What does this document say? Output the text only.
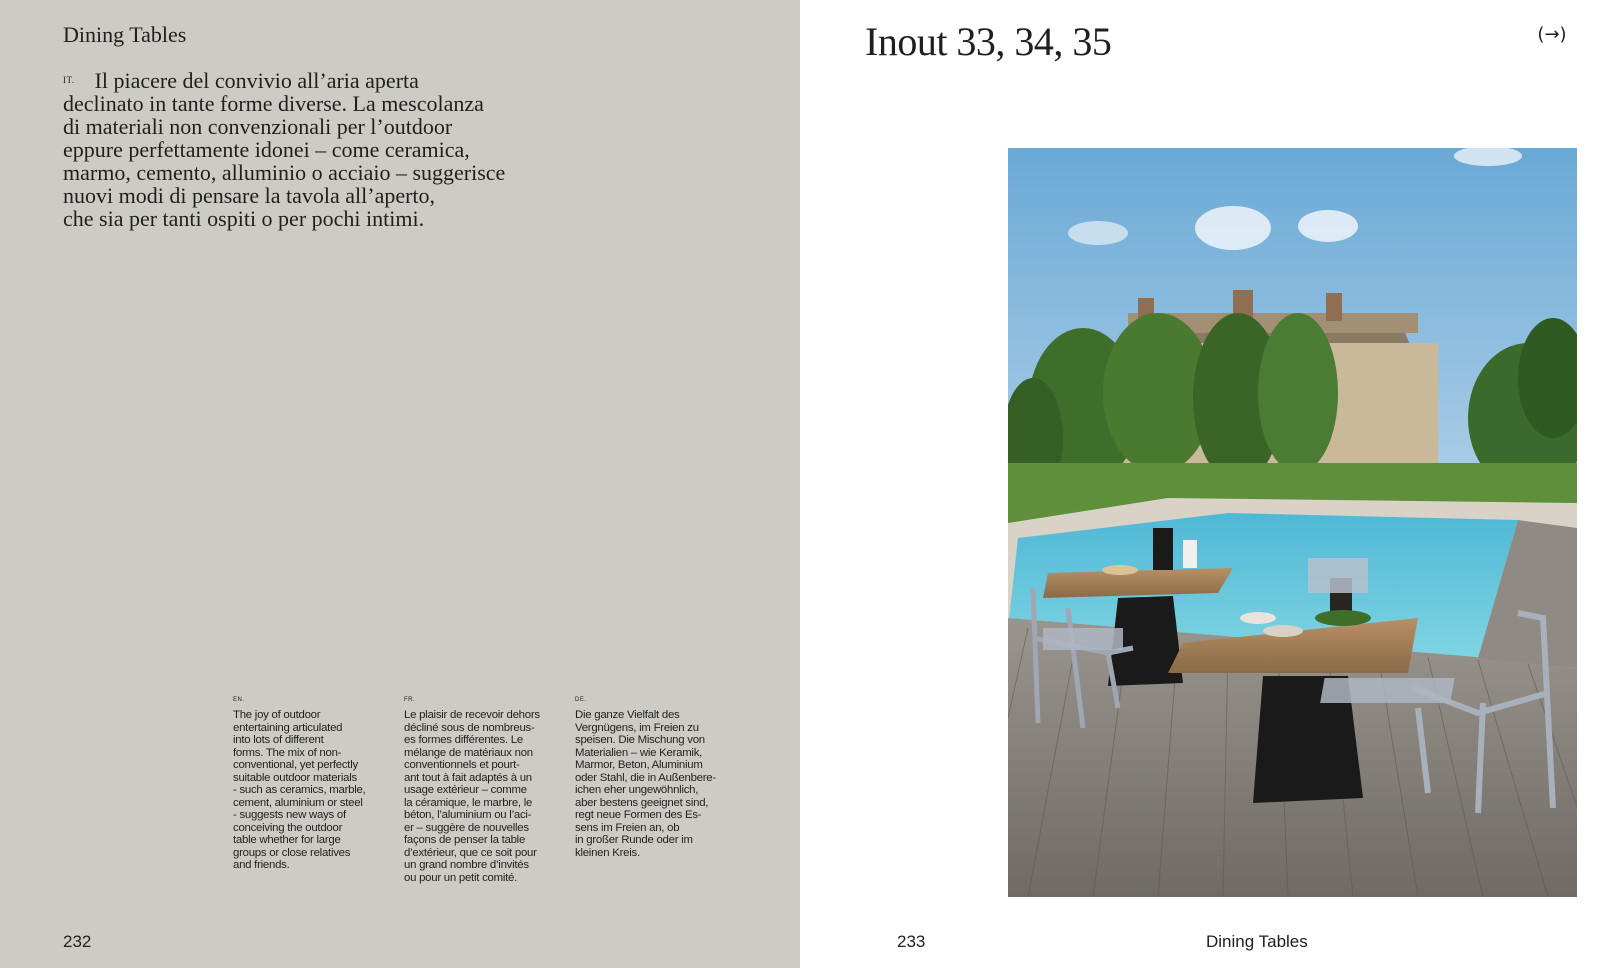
Dining Tables
$^{IT.}$ Il piacere del convivio all’aria aperta
declinato in tante forme diverse. La mescolanza
di materiali non convenzionali per l’outdoor
eppure perfettamente idonei – come ceramica,
marmo, cemento, alluminio o acciaio – suggerisce
nuovi modi di pensare la tavola all’aperto,
che sia per tanti ospiti o per pochi intimi.
EN.
The joy of outdoor
entertaining articulated
into lots of different
forms. The mix of non-
conventional, yet perfectly
suitable outdoor materials
- such as ceramics, marble,
cement, aluminium or steel
- suggests new ways of
conceiving the outdoor
table whether for large
groups or close relatives
and friends.
FR.
Le plaisir de recevoir dehors
décliné sous de nombreus-
es formes différentes. Le
mélange de matériaux non
conventionnels et pourt-
ant tout à fait adaptés à un
usage extérieur – comme
la céramique, le marbre, le
béton, l’aluminium ou l’aci-
er – suggère de nouvelles
façons de penser la table
d’extérieur, que ce soit pour
un grand nombre d’invités
ou pour un petit comité.
DE.
Die ganze Vielfalt des
Vergnügens, im Freien zu
speisen. Die Mischung von
Materialien – wie Keramik,
Marmor, Beton, Aluminium
oder Stahl, die in Außenbere-
ichen eher ungewöhnlich,
aber bestens geeignet sind,
regt neue Formen des Es-
sens im Freien an, ob
in großer Runde oder im
kleinen Kreis.
232
Inout 33, 34, 35	(→)
233	Dining Tables
